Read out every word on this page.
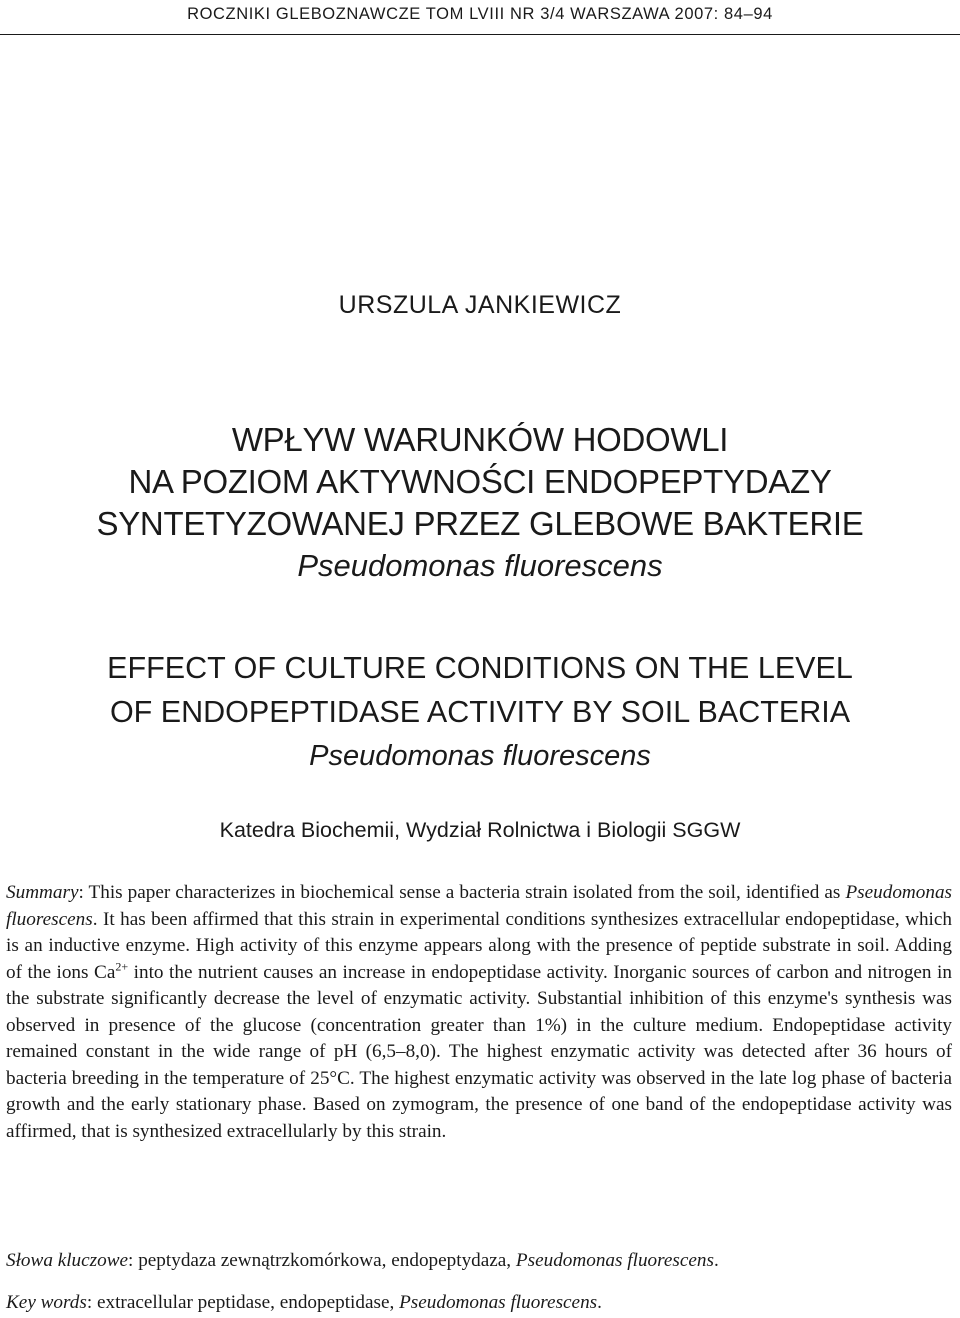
ROCZNIKI GLEBOZNAWCZE TOM LVIII NR 3/4 WARSZAWA 2007: 84–94
URSZULA JANKIEWICZ
WPŁYW WARUNKÓW HODOWLI
NA POZIOM AKTYWNOŚCI ENDOPEPTYDAZY
SYNTETYZOWANEJ PRZEZ GLEBOWE BAKTERIE
Pseudomonas fluorescens
EFFECT OF CULTURE CONDITIONS ON THE LEVEL
OF ENDOPEPTIDASE ACTIVITY BY SOIL BACTERIA
Pseudomonas fluorescens
Katedra Biochemii, Wydział Rolnictwa i Biologii SGGW
Summary: This paper characterizes in biochemical sense a bacteria strain isolated from the soil, identified as Pseudomonas fluorescens. It has been affirmed that this strain in experimental conditions synthesizes extracellular endopeptidase, which is an inductive enzyme. High activity of this enzyme appears along with the presence of peptide substrate in soil. Adding of the ions $Ca^{2+}$ into the nutrient causes an increase in endopeptidase activity. Inorganic sources of carbon and nitrogen in the substrate significantly decrease the level of enzymatic activity. Substantial inhibition of this enzyme's synthesis was observed in presence of the glucose (concentration greater than 1%) in the culture medium. Endopeptidase activity remained constant in the wide range of pH (6,5–8,0). The highest enzymatic activity was detected after 36 hours of bacteria breeding in the temperature of 25°C. The highest enzymatic activity was observed in the late log phase of bacteria growth and the early stationary phase. Based on zymogram, the presence of one band of the endopeptidase activity was affirmed, that is synthesized extracellularly by this strain.
Słowa kluczowe: peptydaza zewnątrzkomórkowa, endopeptydaza, Pseudomonas fluorescens.
Key words: extracellular peptidase, endopeptidase, Pseudomonas fluorescens.
